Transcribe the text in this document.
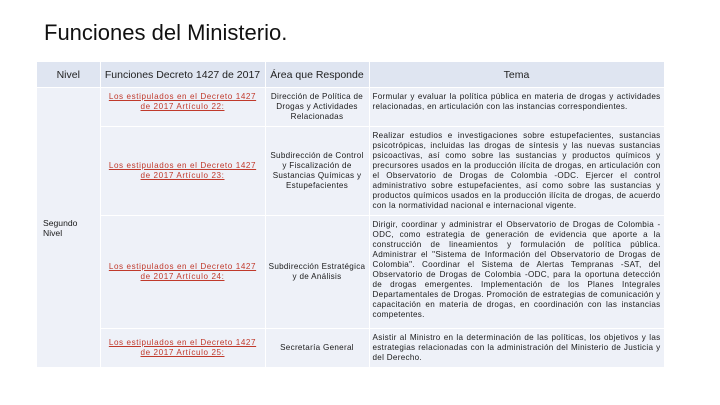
Funciones del Ministerio.
Nivel	Funciones Decreto 1427 de 2017	Área que Responde	Tema
Segundo Nivel	Los estipulados en el Decreto 1427 de 2017 Artículo 22:	Dirección de Política de Drogas y Actividades Relacionadas	Formular y evaluar la política pública en materia de drogas y actividades relacionadas, en articulación con las instancias correspondientes.
	Los estipulados en el Decreto 1427 de 2017 Artículo 23:	Subdirección de Control y Fiscalización de Sustancias Químicas y Estupefacientes	Realizar estudios e investigaciones sobre estupefacientes, sustancias psicotrópicas, incluidas las drogas de síntesis y las nuevas sustancias psicoactivas, así como sobre las sustancias y productos químicos y precursores usados en la producción ilícita de drogas, en articulación con el Observatorio de Drogas de Colombia -ODC. Ejercer el control administrativo sobre estupefacientes, así como sobre las sustancias y productos químicos usados en la producción ilícita de drogas, de acuerdo con la normatividad nacional e internacional vigente.
	Los estipulados en el Decreto 1427 de 2017 Artículo 24:	Subdirección Estratégica y de Análisis	Dirigir, coordinar y administrar el Observatorio de Drogas de Colombia - ODC, como estrategia de generación de evidencia que aporte a la construcción de lineamientos y formulación de política pública. Administrar el "Sistema de Información del Observatorio de Drogas de Colombia". Coordinar el Sistema de Alertas Tempranas -SAT, del Observatorio de Drogas de Colombia -ODC, para la oportuna detección de drogas emergentes. Implementación de los Planes Integrales Departamentales de Drogas. Promoción de estrategias de comunicación y capacitación en materia de drogas, en coordinación con las instancias competentes.
	Los estipulados en el Decreto 1427 de 2017 Artículo 25:	Secretaría General	Asistir al Ministro en la determinación de las políticas, los objetivos y las estrategias relacionadas con la administración del Ministerio de Justicia y del Derecho.
